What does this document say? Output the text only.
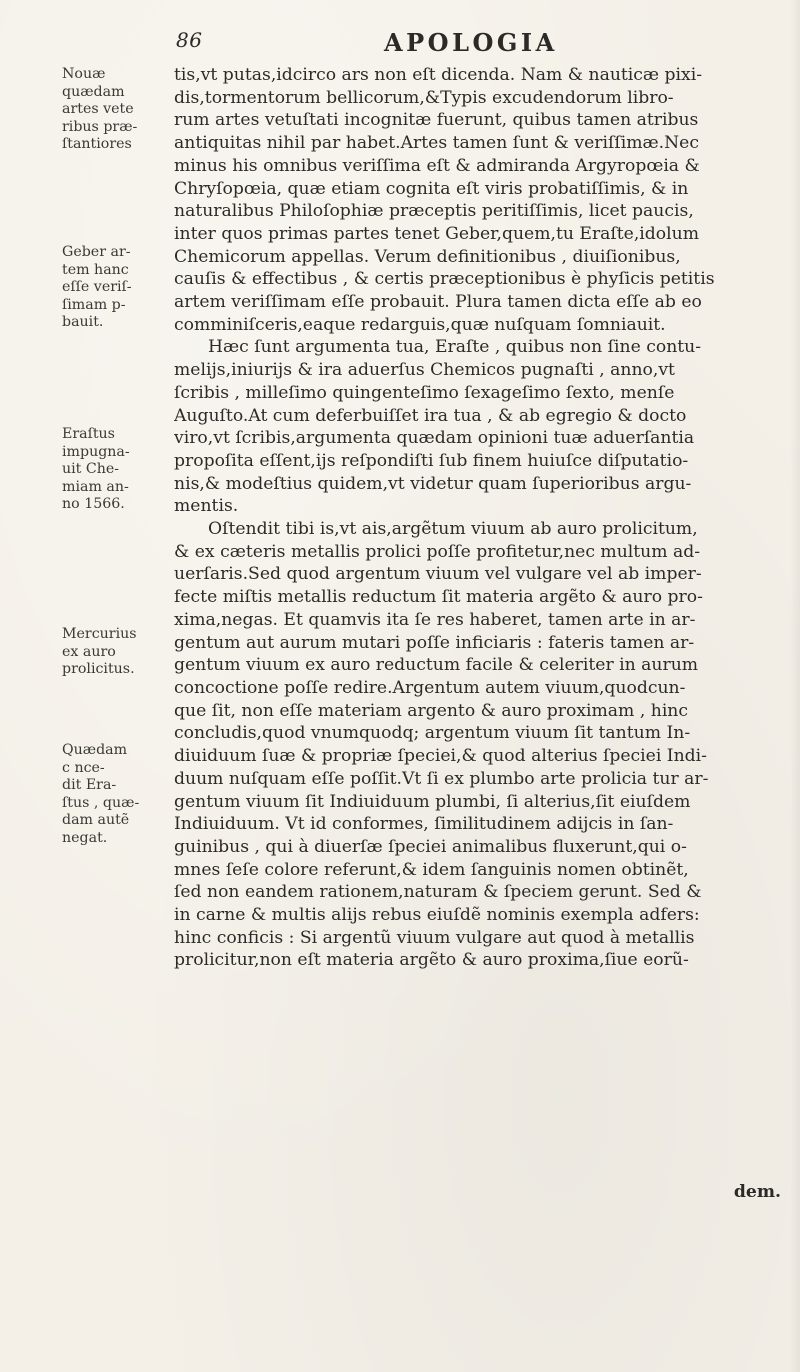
86	APOLOGIA
Nouæ
quædam
artes vete
ribus præ-
ſtantiores
Geber ar-
tem hanc
eſſe veriſ-
ſimam p-
bauit.
Eraſtus
impugna-
uit Che-
miam an-
no 1566.
Mercurius
ex auro
prolicitus.
Quædam
c nce-
dit Era-
ſtus , quæ-
dam autẽ
negat.
tis,vt putas,idcirco ars non eſt dicenda. Nam & nauticæ pixi-
dis,tormentorum bellicorum,&Typis excudendorum libro-
rum artes vetuſtati incognitæ fuerunt, quibus tamen atribus
antiquitas nihil par habet.Artes tamen ſunt & veriſſimæ.Nec
minus his omnibus veriſſima eſt & admiranda Argyropœia &
Chryſopœia, quæ etiam cognita eſt viris probatiſſimis, & in
naturalibus Philoſophiæ præceptis peritiſſimis, licet paucis,
inter quos primas partes tenet Geber,quem,tu Eraſte,idolum
Chemicorum appellas. Verum definitionibus , diuiſionibus,
cauſis & effectibus , & certis præceptionibus è phyſicis petitis
artem veriſſimam eſſe probauit. Plura tamen dicta eſſe ab eo
comminiſceris,eaque redarguis,quæ nuſquam ſomniauit.
Hæc ſunt argumenta tua, Eraſte , quibus non ſine contu-
melijs,iniurijs & ira aduerſus Chemicos pugnaſti , anno,vt
ſcribis , milleſimo quingenteſimo ſexageſimo ſexto, menſe
Auguſto.At cum deferbuiſſet ira tua , & ab egregio & docto
viro,vt ſcribis,argumenta quædam opinioni tuæ aduerſantia
propoſita eſſent,ijs reſpondiſti ſub finem huiuſce diſputatio-
nis,& modeſtius quidem,vt videtur quam ſuperioribus argu-
mentis.
Oſtendit tibi is,vt ais,argẽtum viuum ab auro prolicitum,
& ex cæteris metallis prolici poſſe profitetur,nec multum ad-
uerſaris.Sed quod argentum viuum vel vulgare vel ab imper-
fecte miſtis metallis reductum ſit materia argẽto & auro pro-
xima,negas. Et quamvis ita ſe res haberet, tamen arte in ar-
gentum aut aurum mutari poſſe inficiaris : fateris tamen ar-
gentum viuum ex auro reductum facile & celeriter in aurum
concoctione poſſe redire.Argentum autem viuum,quodcun-
que ſit, non eſſe materiam argento & auro proximam , hinc
concludis,quod vnumquodq; argentum viuum ſit tantum In-
diuiduum ſuæ & propriæ ſpeciei,& quod alterius ſpeciei Indi-
duum nuſquam eſſe poſſit.Vt ſi ex plumbo arte prolicia tur ar-
gentum viuum ſit Indiuiduum plumbi, ſi alterius,ſit eiuſdem
Indiuiduum. Vt id conformes, ſimilitudinem adijcis in ſan-
guinibus , qui à diuerſæ ſpeciei animalibus fluxerunt,qui o-
mnes ſeſe colore referunt,& idem ſanguinis nomen obtinẽt,
ſed non eandem rationem,naturam & ſpeciem gerunt. Sed &
in carne & multis alijs rebus eiuſdẽ nominis exempla adfers:
hinc conficis : Si argentũ viuum vulgare aut quod à metallis
prolicitur,non eſt materia argẽto & auro proxima,ſiue eorũ-
dem.
